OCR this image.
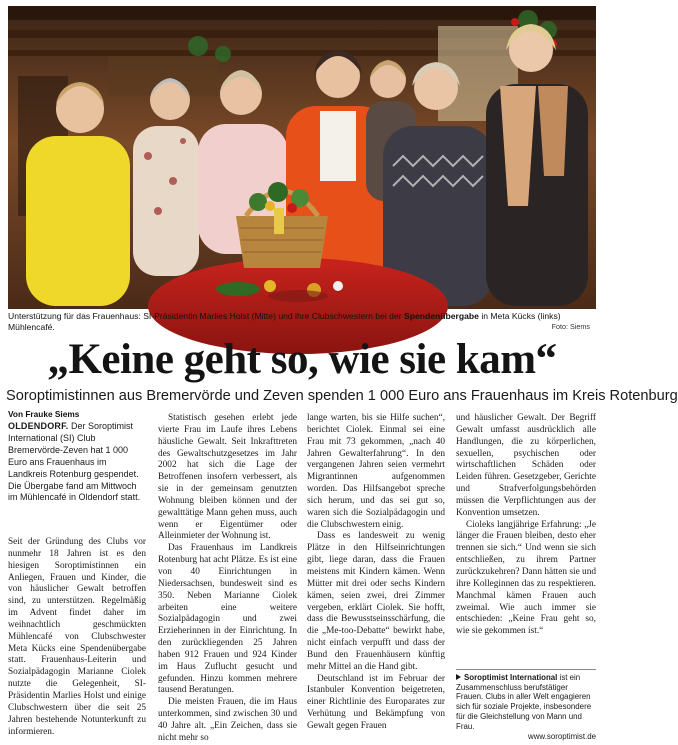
Unterstützung für das Frauenhaus: SI-Präsidentin Marlies Holst (Mitte) und ihre Clubschwestern bei der Spendenübergabe in Meta Kücks (links) Mühlencafé.	Foto: Siems
„Keine geht so, wie sie kam“
Soroptimistinnen aus Bremervörde und Zeven spenden 1 000 Euro ans Frauenhaus im Kreis Rotenburg
Von Frauke Siems
OLDENDORF. Der Soroptimist International (SI) Club Bremervörde-Zeven hat 1 000 Euro ans Frauenhaus im Landkreis Rotenburg gespendet. Die Übergabe fand am Mittwoch im Mühlencafé in Oldendorf statt.

Seit der Gründung des Clubs vor nunmehr 18 Jahren ist es den hiesigen Soroptimistinnen ein Anliegen, Frauen und Kinder, die von häuslicher Gewalt betroffen sind, zu unterstützen. Regelmäßig im Advent findet daher im weihnachtlich geschmückten Mühlencafé von Clubschwester Meta Kücks eine Spendenübergabe statt. Frauenhaus-Leiterin und Sozialpädagogin Marianne Ciolek nutzte die Gelegenheit, SI-Präsidentin Marlies Holst und einige Clubschwestern über die seit 25 Jahren bestehende Notunterkunft zu informieren.

Statistisch gesehen erlebt jede vierte Frau im Laufe ihres Lebens häusliche Gewalt. Seit Inkrafttreten des Gewaltschutzgesetzes im Jahr 2002 hat sich die Lage der Betroffenen insofern verbessert, als sie in der gemeinsam genutzten Wohnung bleiben können und der gewalttätige Mann gehen muss, auch wenn er Eigentümer oder Alleinmieter der Wohnung ist.

Das Frauenhaus im Landkreis Rotenburg hat acht Plätze. Es ist eine von 40 Einrichtungen in Niedersachsen, bundesweit sind es 350. Neben Marianne Ciolek arbeiten eine weitere Sozialpädagogin und zwei Erzieherinnen in der Einrichtung. In den zurückliegenden 25 Jahren haben 912 Frauen und 924 Kinder im Haus Zuflucht gesucht und gefunden. Hinzu kommen mehrere tausend Beratungen.

Die meisten Frauen, die im Haus unterkommen, sind zwischen 30 und 40 Jahre alt. „Ein Zeichen, dass sie nicht mehr so

lange warten, bis sie Hilfe suchen“, berichtet Ciolek. Einmal sei eine Frau mit 73 gekommen, „nach 40 Jahren Gewalterfahrung“. In den vergangenen Jahren seien vermehrt Migrantinnen aufgenommen worden. Das Hilfsangebot spreche sich herum, und das sei gut so, waren sich die Sozialpädagogin und die Clubschwestern einig.

Dass es landesweit zu wenig Plätze in den Hilfseinrichtungen gibt, liege daran, dass die Frauen meistens mit Kindern kämen. Wenn Mütter mit drei oder sechs Kindern kämen, seien zwei, drei Zimmer vergeben, erklärt Ciolek. Sie hofft, dass die Bewusstseinsschärfung, die die „Me-too-Debatte“ bewirkt habe, nicht einfach verpufft und dass der Bund den Frauenhäusern künftig mehr Mittel an die Hand gibt.

Deutschland ist im Februar der Istanbuler Konvention beigetreten, einer Richtlinie des Europarates zur Verhütung und Bekämpfung von Gewalt gegen Frauen

und häuslicher Gewalt. Der Begriff Gewalt umfasst ausdrücklich alle Handlungen, die zu körperlichen, sexuellen, psychischen oder wirtschaftlichen Schäden oder Leiden führen. Gesetzgeber, Gerichte und Strafverfolgungsbehörden müssen die Verpflichtungen aus der Konvention umsetzen.

Cioleks langjährige Erfahrung: „Je länger die Frauen bleiben, desto eher trennen sie sich.“ Und wenn sie sich entschließen, zu ihrem Partner zurückzukehren? Dann hätten sie und ihre Kolleginnen das zu respektieren. Manchmal kämen Frauen auch zweimal. Wie auch immer sie entschieden: „Keine Frau geht so, wie sie gekommen ist.“

Soroptimist International ist ein Zusammenschluss berufstätiger Frauen. Clubs in aller Welt engagieren sich für soziale Projekte, insbesondere für die Gleichstellung von Mann und Frau.
www.soroptimist.de
